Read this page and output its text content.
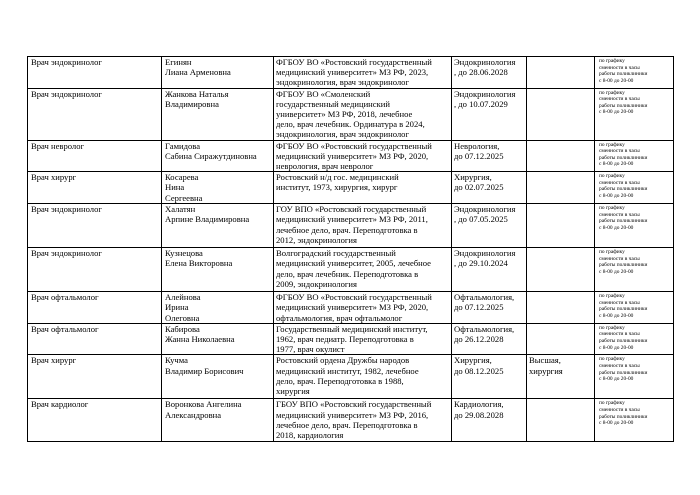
Врач эндокринолог	Егинян
Лиана Арменовна	ФГБОУ ВО «Ростовский государственный
медицинский университет» МЗ РФ, 2023,
эндокринология, врач эндокринолог	Эндокринология
, до 28.06.2028		по графику
сменности в часы
работы поликлиники
с 8-00 до 20-00

Врач эндокринолог	Жанкова Наталья
Владимировна	ФГБОУ ВО «Смоленский
государственный медицинский
университет» МЗ РФ, 2018, лечебное
дело, врач лечебник. Ординатура в 2024,
эндокринология, врач эндокринолог	Эндокринология
, до 10.07.2029		по графику
сменности в часы
работы поликлиники
с 8-00 до 20-00

Врач невролог	Гамидова
Сабина Сиражутдиновна	ФГБОУ ВО «Ростовский государственный
медицинский университет» МЗ РФ, 2020,
неврология, врач невролог	Неврология,
до 07.12.2025		по графику
сменности в часы
работы поликлиники
с 8-00 до 20-00

Врач хирург	Косарева
Нина
Сергеевна	Ростовский н/д гос. медицинский
институт, 1973, хирургия, хирург	Хирургия,
до 02.07.2025		по графику
сменности в часы
работы поликлиники
с 8-00 до 20-00

Врач эндокринолог	Халатян
Арпине Владимировна	ГОУ ВПО «Ростовский государственный
медицинский университет» МЗ РФ, 2011,
лечебное дело, врач. Переподготовка в
2012, эндокринология	Эндокринология
, до 07.05.2025		по графику
сменности в часы
работы поликлиники
с 8-00 до 20-00

Врач эндокринолог	Кузнецова
Елена Викторовна	Волгоградский государственный
медицинский университет, 2005, лечебное
дело, врач лечебник. Переподготовка в
2009, эндокринология	Эндокринология
, до 29.10.2024		по графику
сменности в часы
работы поликлиники
с 8-00 до 20-00

Врач офтальмолог	Алейнова
Ирина
Олеговна	ФГБОУ ВО «Ростовский государственный
медицинский университет» МЗ РФ, 2020,
офтальмология, врач офтальмолог	Офтальмология,
до 07.12.2025		по графику
сменности в часы
работы поликлиники
с 8-00 до 20-00

Врач офтальмолог	Кабирова
Жанна Николаевна	Государственный медицинский институт,
1962, врач педиатр. Переподготовка в
1977, врач окулист	Офтальмология,
до 26.12.2028		по графику
сменности в часы
работы поликлиники
с 8-00 до 20-00

Врач хирург	Кучма
Владимир Борисович	Ростовский ордена Дружбы народов
медицинский институт, 1982, лечебное
дело, врач. Переподготовка в 1988,
хирургия	Хирургия,
до 08.12.2025	Высшая,
хирургия	по графику
сменности в часы
работы поликлиники
с 8-00 до 20-00

Врач кардиолог	Воронкова Ангелина
Александровна	ГБОУ ВПО «Ростовский государственный
медицинский университет» МЗ РФ, 2016,
лечебное дело, врач. Переподготовка в
2018, кардиология	Кардиология,
до 29.08.2028		по графику
сменности в часы
работы поликлиники
с 8-00 до 20-00
